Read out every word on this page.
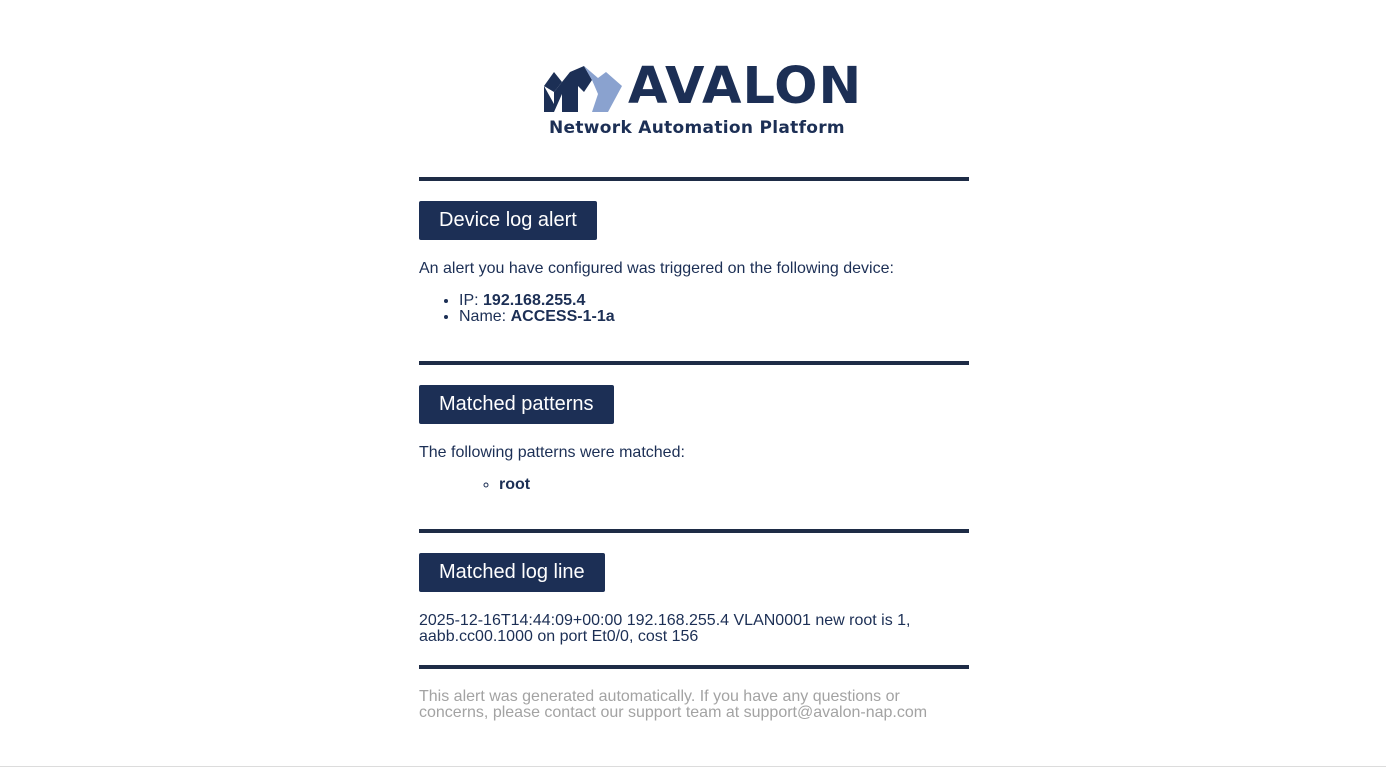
AVALON
Network Automation Platform
Device log alert
An alert you have configured was triggered on the following device:
• IP: 192.168.255.4
• Name: ACCESS-1-1a
Matched patterns
The following patterns were matched:
◦ root
Matched log line
2025-12-16T14:44:09+00:00 192.168.255.4 VLAN0001 new root is 1, aabb.cc00.1000 on port Et0/0, cost 156
This alert was generated automatically. If you have any questions or concerns, please contact our support team at support@avalon-nap.com
